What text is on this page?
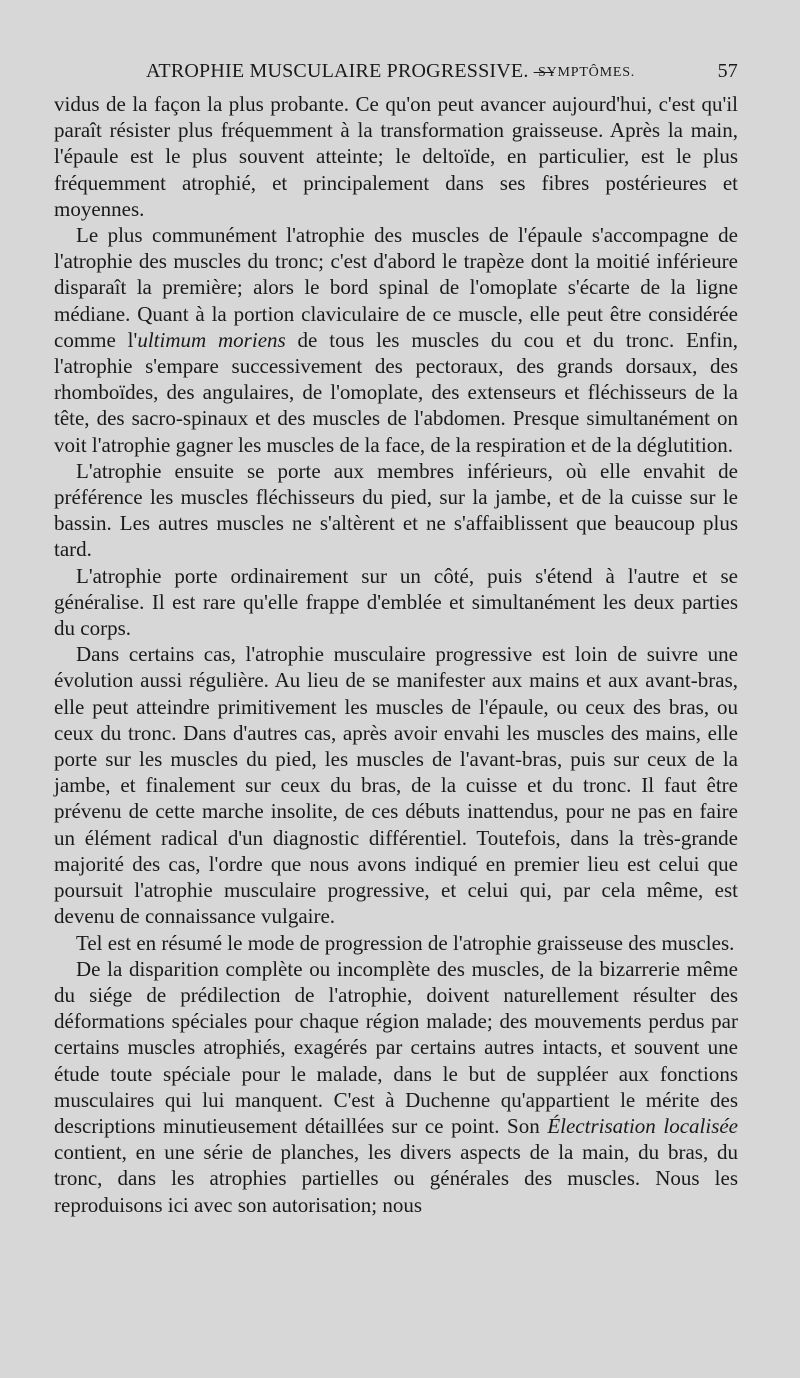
ATROPHIE MUSCULAIRE PROGRESSIVE. —
SYMPTÔMES.	57

vidus de la façon la plus probante. Ce qu'on peut avancer aujourd'hui, c'est qu'il paraît résister plus fréquemment à la transformation graisseuse. Après la main, l'épaule est le plus souvent atteinte; le deltoïde, en particulier, est le plus fréquemment atrophié, et principalement dans ses fibres postérieures et moyennes.

Le plus communément l'atrophie des muscles de l'épaule s'accompagne de l'atrophie des muscles du tronc; c'est d'abord le trapèze dont la moitié inférieure disparaît la première; alors le bord spinal de l'omoplate s'écarte de la ligne médiane. Quant à la portion claviculaire de ce muscle, elle peut être considérée comme l'ultimum moriens de tous les muscles du cou et du tronc. Enfin, l'atrophie s'empare successivement des pectoraux, des grands dorsaux, des rhomboïdes, des angulaires, de l'omoplate, des extenseurs et fléchisseurs de la tête, des sacro-spinaux et des muscles de l'abdomen. Presque simultanément on voit l'atrophie gagner les muscles de la face, de la respiration et de la déglutition.

L'atrophie ensuite se porte aux membres inférieurs, où elle envahit de préférence les muscles fléchisseurs du pied, sur la jambe, et de la cuisse sur le bassin. Les autres muscles ne s'altèrent et ne s'affaiblissent que beaucoup plus tard.

L'atrophie porte ordinairement sur un côté, puis s'étend à l'autre et se généralise. Il est rare qu'elle frappe d'emblée et simultanément les deux parties du corps.

Dans certains cas, l'atrophie musculaire progressive est loin de suivre une évolution aussi régulière. Au lieu de se manifester aux mains et aux avant-bras, elle peut atteindre primitivement les muscles de l'épaule, ou ceux des bras, ou ceux du tronc. Dans d'autres cas, après avoir envahi les muscles des mains, elle porte sur les muscles du pied, les muscles de l'avant-bras, puis sur ceux de la jambe, et finalement sur ceux du bras, de la cuisse et du tronc. Il faut être prévenu de cette marche insolite, de ces débuts inattendus, pour ne pas en faire un élément radical d'un diagnostic différentiel. Toutefois, dans la très-grande majorité des cas, l'ordre que nous avons indiqué en premier lieu est celui que poursuit l'atrophie musculaire progressive, et celui qui, par cela même, est devenu de connaissance vulgaire.

Tel est en résumé le mode de progression de l'atrophie graisseuse des muscles.

De la disparition complète ou incomplète des muscles, de la bizarrerie même du siége de prédilection de l'atrophie, doivent naturellement résulter des déformations spéciales pour chaque région malade; des mouvements perdus par certains muscles atrophiés, exagérés par certains autres intacts, et souvent une étude toute spéciale pour le malade, dans le but de suppléer aux fonctions musculaires qui lui manquent. C'est à Duchenne qu'appartient le mérite des descriptions minutieusement détaillées sur ce point. Son Électrisation localisée contient, en une série de planches, les divers aspects de la main, du bras, du tronc, dans les atrophies partielles ou générales des muscles. Nous les reproduisons ici avec son autorisation; nous
